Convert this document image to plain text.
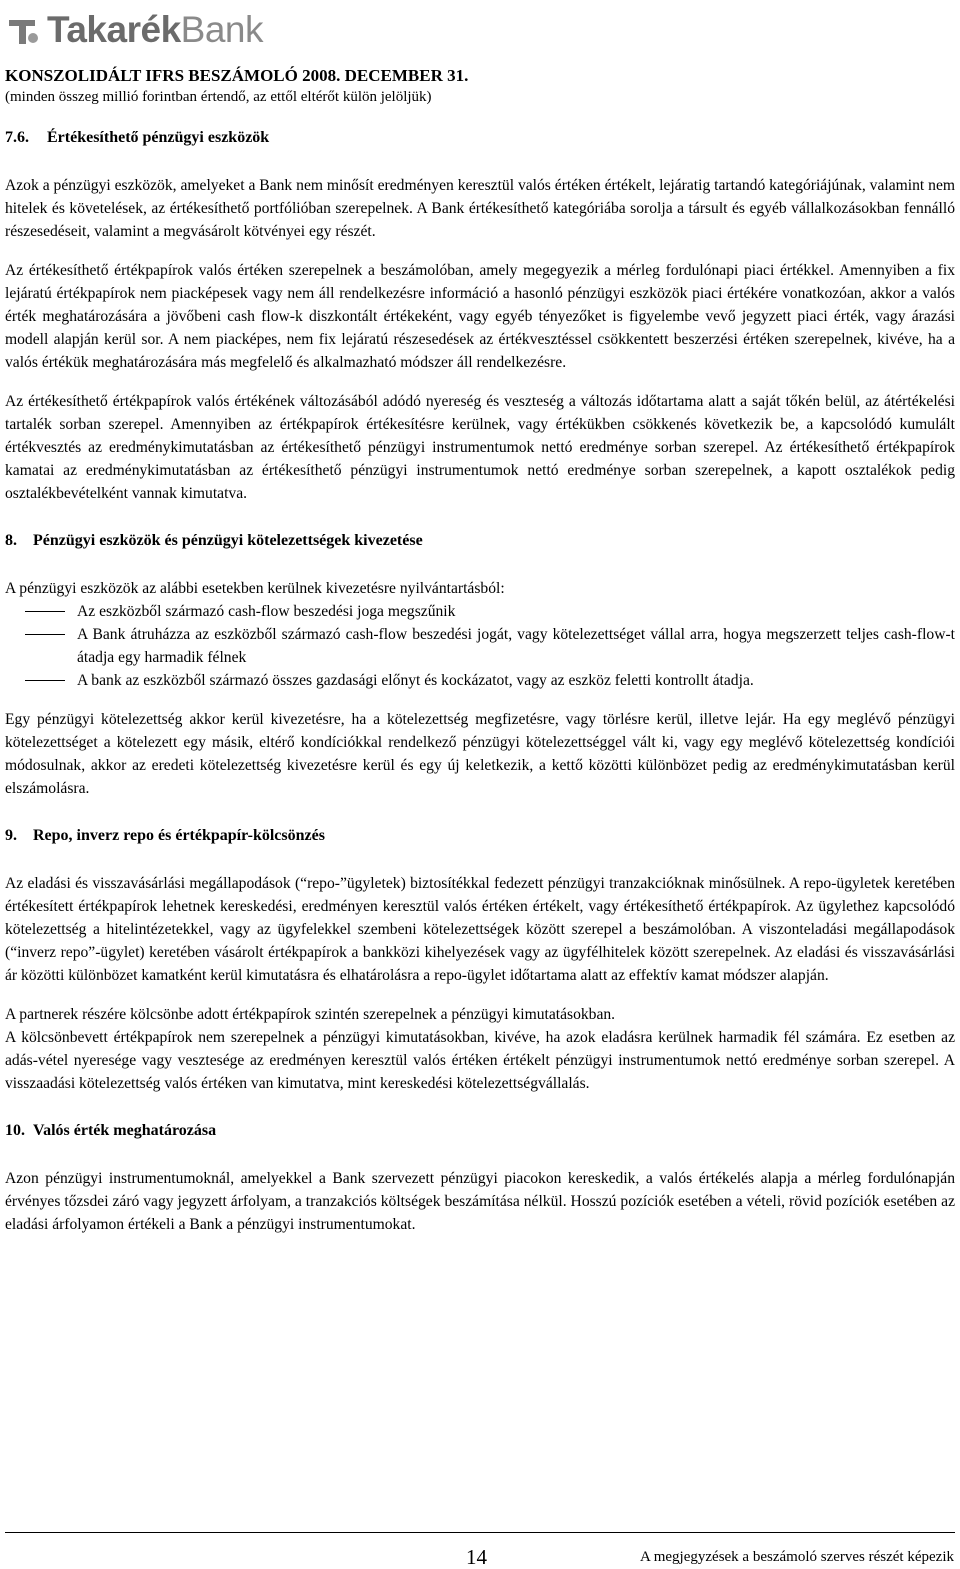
TakarékBank
KONSZOLIDÁLT IFRS BESZÁMOLÓ 2008. DECEMBER 31.
(minden összeg millió forintban értendő, az ettől eltérőt külön jelöljük)
7.6. Értékesíthető pénzügyi eszközök

Azok a pénzügyi eszközök, amelyeket a Bank nem minősít eredményen keresztül valós értéken értékelt, lejáratig tartandó kategóriájúnak, valamint nem hitelek és követelések, az értékesíthető portfólióban szerepelnek. A Bank értékesíthető kategóriába sorolja a társult és egyéb vállalkozásokban fennálló részesedéseit, valamint a megvásárolt kötvényei egy részét.

Az értékesíthető értékpapírok valós értéken szerepelnek a beszámolóban, amely megegyezik a mérleg fordulónapi piaci értékkel. Amennyiben a fix lejáratú értékpapírok nem piacképesek vagy nem áll rendelkezésre információ a hasonló pénzügyi eszközök piaci értékére vonatkozóan, akkor a valós érték meghatározására a jövőbeni cash flow-k diszkontált értékeként, vagy egyéb tényezőket is figyelembe vevő jegyzett piaci érték, vagy árazási modell alapján kerül sor. A nem piacképes, nem fix lejáratú részesedések az értékvesztéssel csökkentett beszerzési értéken szerepelnek, kivéve, ha a valós értékük meghatározására más megfelelő és alkalmazható módszer áll rendelkezésre.

Az értékesíthető értékpapírok valós értékének változásából adódó nyereség és veszteség a változás időtartama alatt a saját tőkén belül, az átértékelési tartalék sorban szerepel. Amennyiben az értékpapírok értékesítésre kerülnek, vagy értékükben csökkenés következik be, a kapcsolódó kumulált értékvesztés az eredménykimutatásban az értékesíthető pénzügyi instrumentumok nettó eredménye sorban szerepel. Az értékesíthető értékpapírok kamatai az eredménykimutatásban az értékesíthető pénzügyi instrumentumok nettó eredménye sorban szerepelnek, a kapott osztalékok pedig osztalékbevételként vannak kimutatva.

8. Pénzügyi eszközök és pénzügyi kötelezettségek kivezetése

A pénzügyi eszközök az alábbi esetekben kerülnek kivezetésre nyilvántartásból:

Az eszközből származó cash-flow beszedési joga megszűnik
A Bank átruházza az eszközből származó cash-flow beszedési jogát, vagy kötelezettséget vállal arra, hogya megszerzett teljes cash-flow-t átadja egy harmadik félnek
A bank az eszközből származó összes gazdasági előnyt és kockázatot, vagy az eszköz feletti kontrollt átadja.

Egy pénzügyi kötelezettség akkor kerül kivezetésre, ha a kötelezettség megfizetésre, vagy törlésre kerül, illetve lejár. Ha egy meglévő pénzügyi kötelezettséget a kötelezett egy másik, eltérő kondíciókkal rendelkező pénzügyi kötelezettséggel vált ki, vagy egy meglévő kötelezettség kondíciói módosulnak, akkor az eredeti kötelezettség kivezetésre kerül és egy új keletkezik, a kettő közötti különbözet pedig az eredménykimutatásban kerül elszámolásra.

9. Repo, inverz repo és értékpapír-kölcsönzés

Az eladási és visszavásárlási megállapodások (“repo-”ügyletek) biztosítékkal fedezett pénzügyi tranzakcióknak minősülnek. A repo-ügyletek keretében értékesített értékpapírok lehetnek kereskedési, eredményen keresztül valós értéken értékelt, vagy értékesíthető értékpapírok. Az ügylethez kapcsolódó kötelezettség a hitelintézetekkel, vagy az ügyfelekkel szembeni kötelezettségek között szerepel a beszámolóban. A viszonteladási megállapodások (“inverz repo”-ügylet) keretében vásárolt értékpapírok a bankközi kihelyezések vagy az ügyfélhitelek között szerepelnek. Az eladási és visszavásárlási ár közötti különbözet kamatként kerül kimutatásra és elhatárolásra a repo-ügylet időtartama alatt az effektív kamat módszer alapján.

A partnerek részére kölcsönbe adott értékpapírok szintén szerepelnek a pénzügyi kimutatásokban.

A kölcsönbevett értékpapírok nem szerepelnek a pénzügyi kimutatásokban, kivéve, ha azok eladásra kerülnek harmadik fél számára. Ez esetben az adás-vétel nyeresége vagy vesztesége az eredményen keresztül valós értéken értékelt pénzügyi instrumentumok nettó eredménye sorban szerepel. A visszaadási kötelezettség valós értéken van kimutatva, mint kereskedési kötelezettségvállalás.

10. Valós érték meghatározása

Azon pénzügyi instrumentumoknál, amelyekkel a Bank szervezett pénzügyi piacokon kereskedik, a valós értékelés alapja a mérleg fordulónapján érvényes tőzsdei záró vagy jegyzett árfolyam, a tranzakciós költségek beszámítása nélkül. Hosszú pozíciók esetében a vételi, rövid pozíciók esetében az eladási árfolyamon értékeli a Bank a pénzügyi instrumentumokat.

14	A megjegyzések a beszámoló szerves részét képezik
